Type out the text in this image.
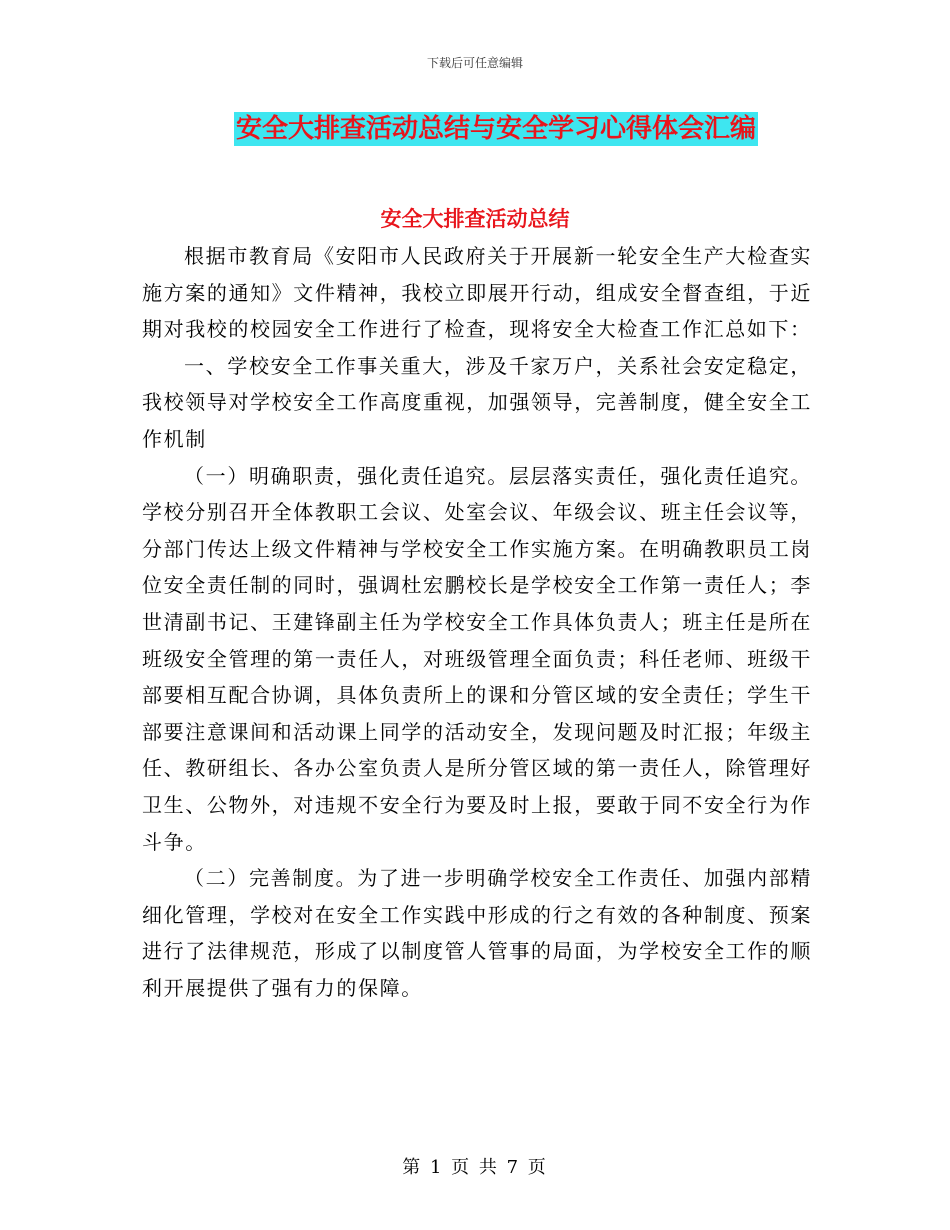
下载后可任意编辑
安全大排查活动总结与安全学习心得体会汇编
安全大排查活动总结

根据市教育局《安阳市人民政府关于开展新一轮安全生产大检查实施方案的通知》文件精神，我校立即展开行动，组成安全督查组，于近期对我校的校园安全工作进行了检查，现将安全大检查工作汇总如下：

一、学校安全工作事关重大，涉及千家万户，关系社会安定稳定，我校领导对学校安全工作高度重视，加强领导，完善制度，健全安全工作机制

（一）明确职责，强化责任追究。层层落实责任，强化责任追究。学校分别召开全体教职工会议、处室会议、年级会议、班主任会议等，分部门传达上级文件精神与学校安全工作实施方案。在明确教职员工岗位安全责任制的同时，强调杜宏鹏校长是学校安全工作第一责任人；李世清副书记、王建锋副主任为学校安全工作具体负责人；班主任是所在班级安全管理的第一责任人，对班级管理全面负责；科任老师、班级干部要相互配合协调，具体负责所上的课和分管区域的安全责任；学生干部要注意课间和活动课上同学的活动安全，发现问题及时汇报；年级主任、教研组长、各办公室负责人是所分管区域的第一责任人，除管理好卫生、公物外，对违规不安全行为要及时上报，要敢于同不安全行为作斗争。

（二）完善制度。为了进一步明确学校安全工作责任、加强内部精细化管理，学校对在安全工作实践中形成的行之有效的各种制度、预案进行了法律规范，形成了以制度管人管事的局面，为学校安全工作的顺利开展提供了强有力的保障。

第 1 页 共 7 页
